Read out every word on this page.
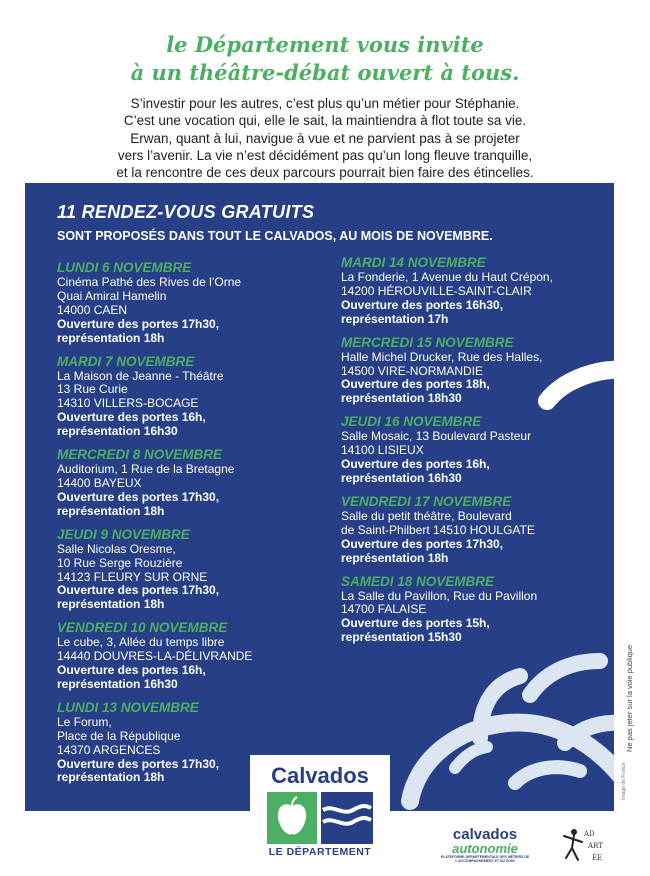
le Département vous invite
à un théâtre-débat ouvert à tous.
S’investir pour les autres, c’est plus qu’un métier pour Stéphanie.
C’est une vocation qui, elle le sait, la maintiendra à flot toute sa vie.
Erwan, quant à lui, navigue à vue et ne parvient pas à se projeter
vers l’avenir. La vie n’est décidément pas qu’un long fleuve tranquille,
et la rencontre de ces deux parcours pourrait bien faire des étincelles.
11 RENDEZ-VOUS GRATUITS
SONT PROPOSÉS DANS TOUT LE CALVADOS, AU MOIS DE NOVEMBRE.
LUNDI 6 NOVEMBRE
Cinéma Pathé des Rives de l’Orne
Quai Amiral Hamelin
14000 CAEN
Ouverture des portes 17h30,
représentation 18h
MARDI 7 NOVEMBRE
La Maison de Jeanne - Théâtre
13 Rue Curie
14310 VILLERS-BOCAGE
Ouverture des portes 16h,
représentation 16h30
MERCREDI 8 NOVEMBRE
Auditorium, 1 Rue de la Bretagne
14400 BAYEUX
Ouverture des portes 17h30,
représentation 18h
JEUDI 9 NOVEMBRE
Salle Nicolas Oresme,
10 Rue Serge Rouzière
14123 FLEURY SUR ORNE
Ouverture des portes 17h30,
représentation 18h
VENDREDI 10 NOVEMBRE
Le cube, 3, Allée du temps libre
14440 DOUVRES-LA-DÉLIVRANDE
Ouverture des portes 16h,
représentation 16h30
LUNDI 13 NOVEMBRE
Le Forum,
Place de la République
14370 ARGENCES
Ouverture des portes 17h30,
représentation 18h
MARDI 14 NOVEMBRE
La Fonderie, 1 Avenue du Haut Crépon,
14200 HÉROUVILLE-SAINT-CLAIR
Ouverture des portes 16h30,
représentation 17h
MERCREDI 15 NOVEMBRE
Halle Michel Drucker, Rue des Halles,
14500 VIRE-NORMANDIE
Ouverture des portes 18h,
représentation 18h30
JEUDI 16 NOVEMBRE
Salle Mosaic, 13 Boulevard Pasteur
14100 LISIEUX
Ouverture des portes 16h,
représentation 16h30
VENDREDI 17 NOVEMBRE
Salle du petit théâtre, Boulevard
de Saint-Philbert 14510 HOULGATE
Ouverture des portes 17h30,
représentation 18h
SAMEDI 18 NOVEMBRE
La Salle du Pavillon, Rue du Pavillon
14700 FALAISE
Ouverture des portes 15h,
représentation 15h30
Calvados
LE DÉPARTEMENT
calvados
autonomie
PLATEFORME DÉPARTEMENTALE DES MÉTIERS DE L’ACCOMPAGNEMENT ET DU SOIN
AD
ART
ÉE
Ne pas jeter sur la voie publique
Image de France
